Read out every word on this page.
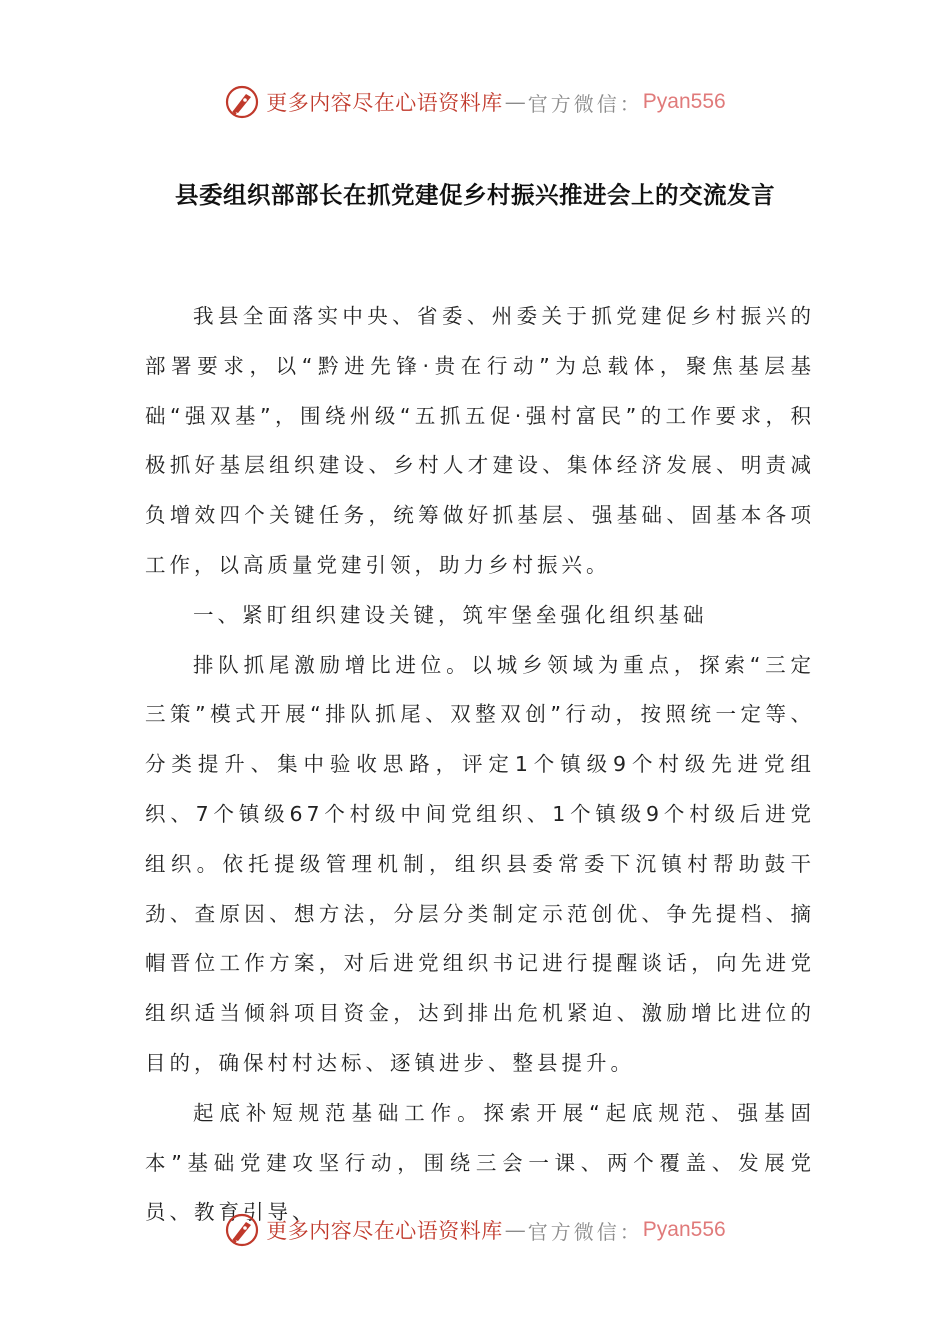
更多内容尽在心语资料库 — 官方微信： Pyan556
县委组织部部长在抓党建促乡村振兴推进会上的交流发言

我县全面落实中央、省委、州委关于抓党建促乡村振兴的部署要求，以“黔进先锋·贵在行动”为总载体，聚焦基层基础“强双基”，围绕州级“五抓五促·强村富民”的工作要求，积极抓好基层组织建设、乡村人才建设、集体经济发展、明责减负增效四个关键任务，统筹做好抓基层、强基础、固基本各项工作，以高质量党建引领，助力乡村振兴。

一、紧盯组织建设关键，筑牢堡垒强化组织基础

排队抓尾激励增比进位。以城乡领域为重点，探索“三定三策”模式开展“排队抓尾、双整双创”行动，按照统一定等、分类提升、集中验收思路，评定1个镇级9个村级先进党组织、7个镇级67个村级中间党组织、1个镇级9个村级后进党组织。依托提级管理机制，组织县委常委下沉镇村帮助鼓干劲、查原因、想方法，分层分类制定示范创优、争先提档、摘帽晋位工作方案，对后进党组织书记进行提醒谈话，向先进党组织适当倾斜项目资金，达到排出危机紧迫、激励增比进位的目的，确保村村达标、逐镇进步、整县提升。

起底补短规范基础工作。探索开展“起底规范、强基固本”基础党建攻坚行动，围绕三会一课、两个覆盖、发展党员、教育引导、

更多内容尽在心语资料库 — 官方微信： Pyan556
